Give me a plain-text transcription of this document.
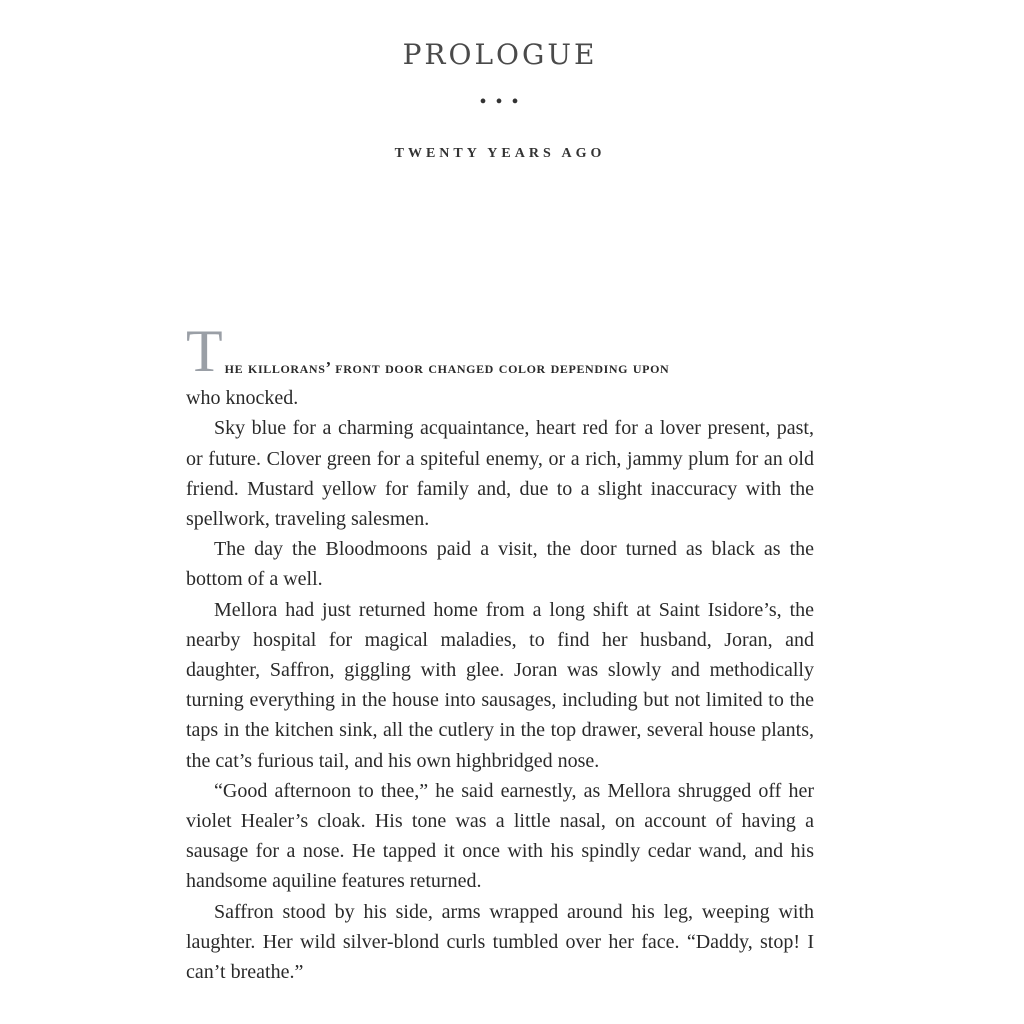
PROLOGUE
• • •
TWENTY YEARS AGO

T he killorans’ front door changed color depending upon
who knocked.

Sky blue for a charming acquaintance, heart red for a lover present, past, or future. Clover green for a spiteful enemy, or a rich, jammy plum for an old friend. Mustard yellow for family and, due to a slight inaccuracy with the spellwork, traveling salesmen.

The day the Bloodmoons paid a visit, the door turned as black as the bottom of a well.

Mellora had just returned home from a long shift at Saint Isidore’s, the nearby hospital for magical maladies, to find her husband, Joran, and daughter, Saffron, giggling with glee. Joran was slowly and methodically turning everything in the house into sausages, including but not limited to the taps in the kitchen sink, all the cutlery in the top drawer, several house plants, the cat’s furious tail, and his own highbridged nose.

“Good afternoon to thee,” he said earnestly, as Mellora shrugged off her violet Healer’s cloak. His tone was a little nasal, on account of having a sausage for a nose. He tapped it once with his spindly cedar wand, and his handsome aquiline features returned.

Saffron stood by his side, arms wrapped around his leg, weeping with laughter. Her wild silver-blond curls tumbled over her face. “Daddy, stop! I can’t breathe.”
